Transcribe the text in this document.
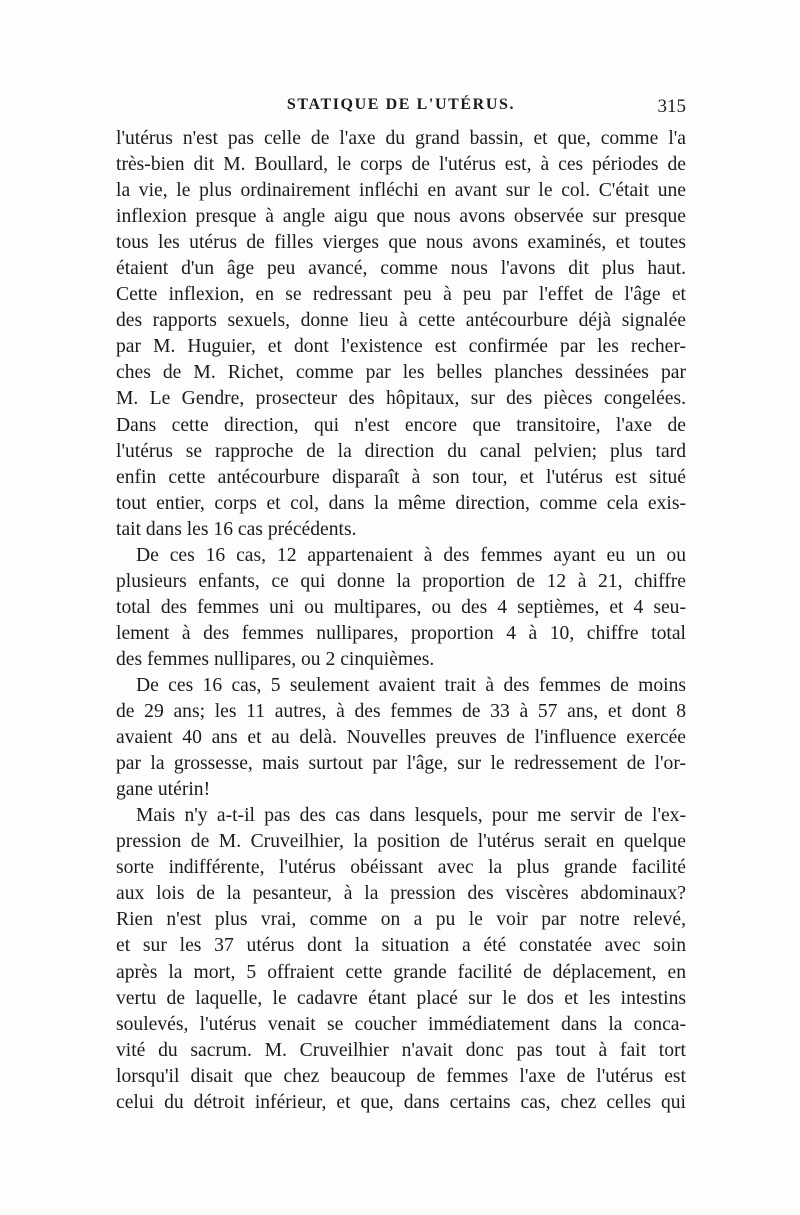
STATIQUE DE L'UTÉRUS.	315
l'utérus n'est pas celle de l'axe du grand bassin, et que, comme l'a
très-bien dit M. Boullard, le corps de l'utérus est, à ces périodes de
la vie, le plus ordinairement infléchi en avant sur le col. C'était une
inflexion presque à angle aigu que nous avons observée sur presque
tous les utérus de filles vierges que nous avons examinés, et toutes
étaient d'un âge peu avancé, comme nous l'avons dit plus haut.
Cette inflexion, en se redressant peu à peu par l'effet de l'âge et
des rapports sexuels, donne lieu à cette antécourbure déjà signalée
par M. Huguier, et dont l'existence est confirmée par les recher-
ches de M. Richet, comme par les belles planches dessinées par
M. Le Gendre, prosecteur des hôpitaux, sur des pièces congelées.
Dans cette direction, qui n'est encore que transitoire, l'axe de
l'utérus se rapproche de la direction du canal pelvien; plus tard
enfin cette antécourbure disparaît à son tour, et l'utérus est situé
tout entier, corps et col, dans la même direction, comme cela exis-
tait dans les 16 cas précédents.
De ces 16 cas, 12 appartenaient à des femmes ayant eu un ou
plusieurs enfants, ce qui donne la proportion de 12 à 21, chiffre
total des femmes uni ou multipares, ou des 4 septièmes, et 4 seu-
lement à des femmes nullipares, proportion 4 à 10, chiffre total
des femmes nullipares, ou 2 cinquièmes.
De ces 16 cas, 5 seulement avaient trait à des femmes de moins
de 29 ans; les 11 autres, à des femmes de 33 à 57 ans, et dont 8
avaient 40 ans et au delà. Nouvelles preuves de l'influence exercée
par la grossesse, mais surtout par l'âge, sur le redressement de l'or-
gane utérin!
Mais n'y a-t-il pas des cas dans lesquels, pour me servir de l'ex-
pression de M. Cruveilhier, la position de l'utérus serait en quelque
sorte indifférente, l'utérus obéissant avec la plus grande facilité
aux lois de la pesanteur, à la pression des viscères abdominaux?
Rien n'est plus vrai, comme on a pu le voir par notre relevé,
et sur les 37 utérus dont la situation a été constatée avec soin
après la mort, 5 offraient cette grande facilité de déplacement, en
vertu de laquelle, le cadavre étant placé sur le dos et les intestins
soulevés, l'utérus venait se coucher immédiatement dans la conca-
vité du sacrum. M. Cruveilhier n'avait donc pas tout à fait tort
lorsqu'il disait que chez beaucoup de femmes l'axe de l'utérus est
celui du détroit inférieur, et que, dans certains cas, chez celles qui
